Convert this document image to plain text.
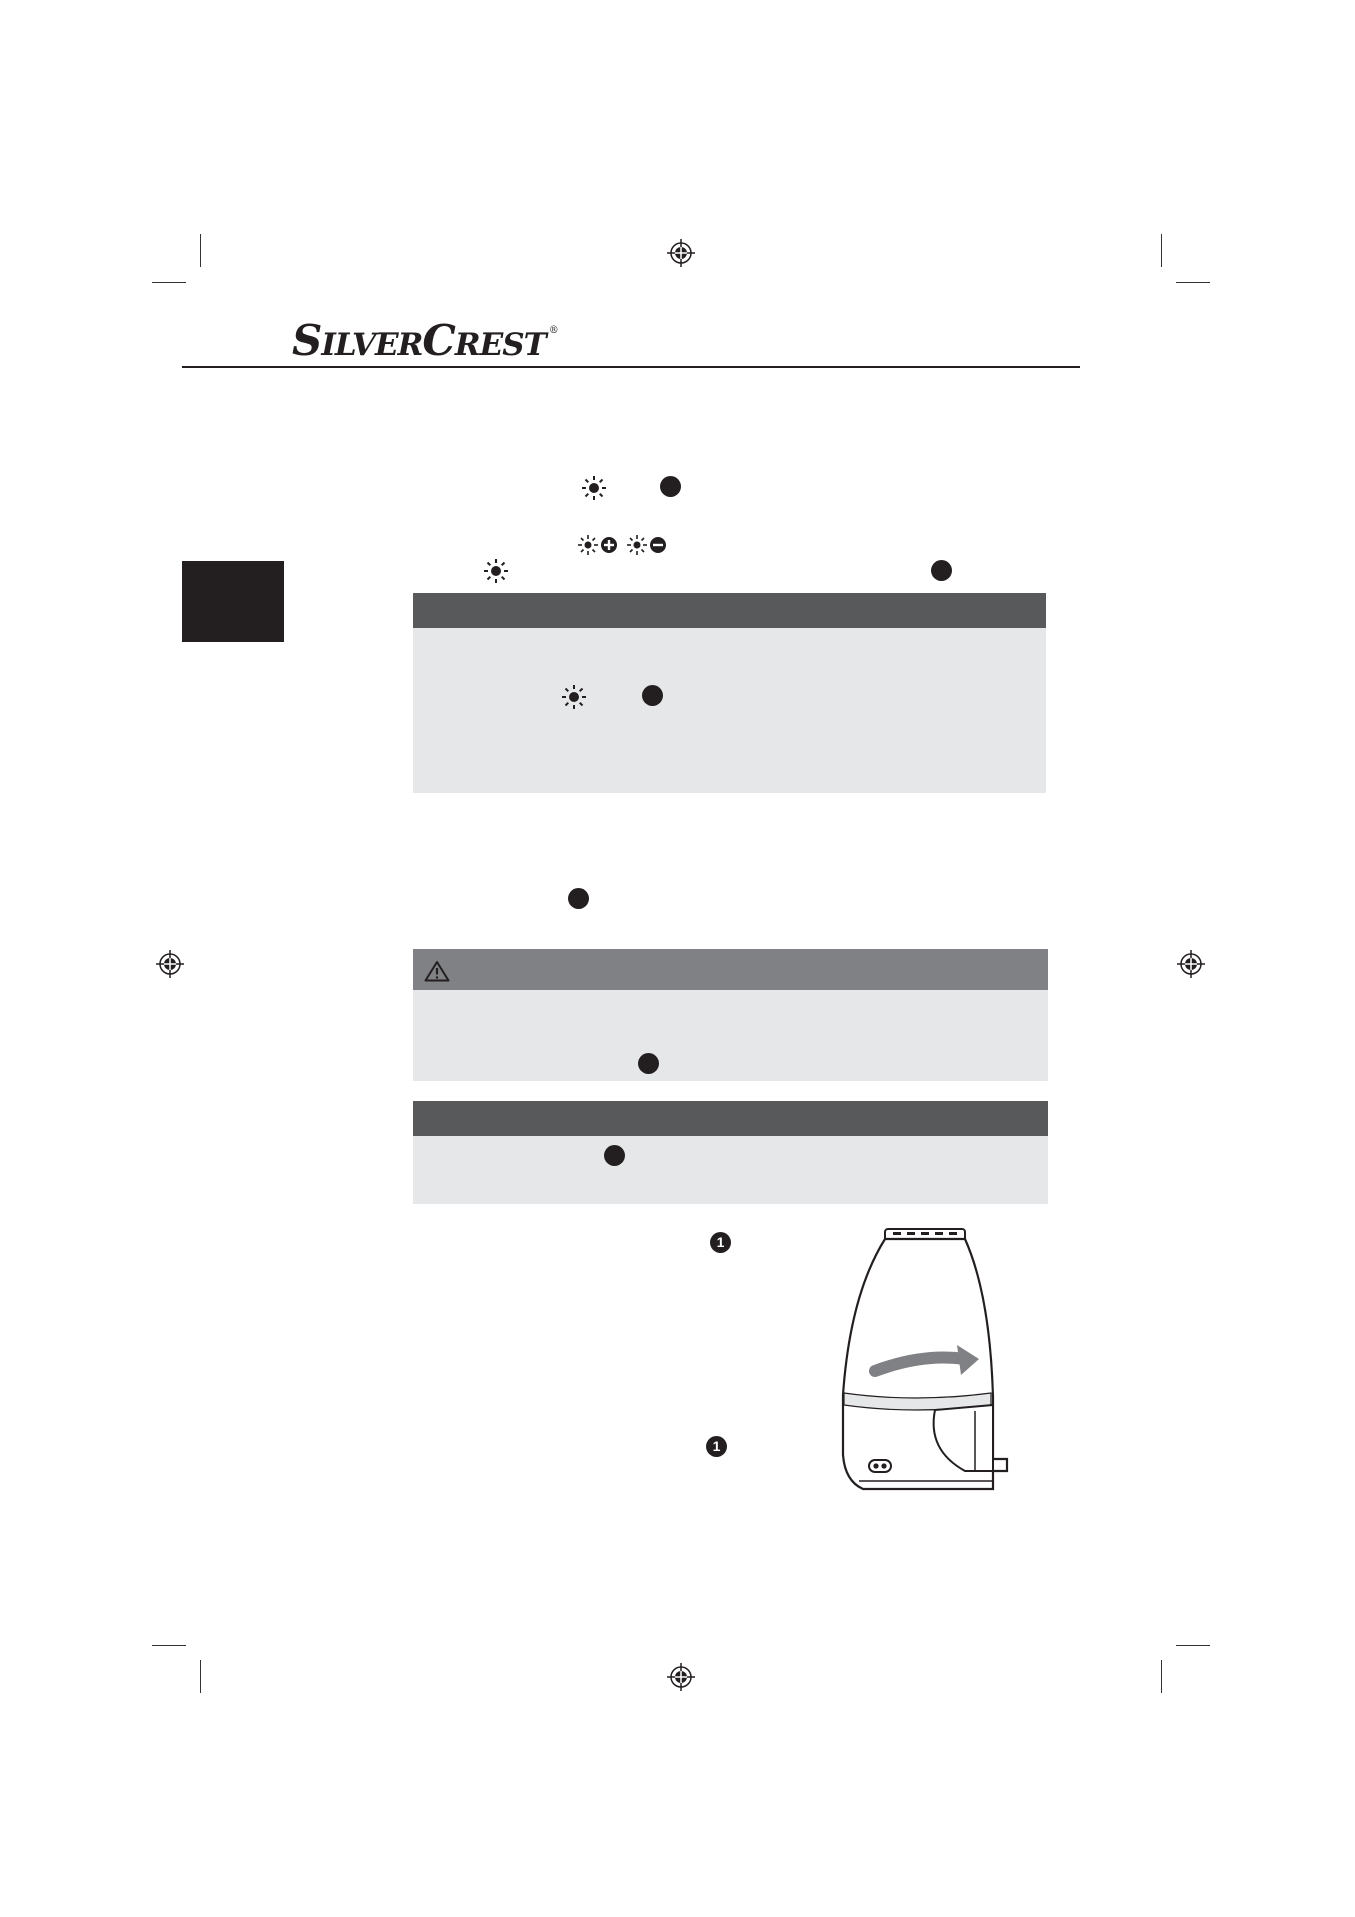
S ILVER C REST ®
1
1
